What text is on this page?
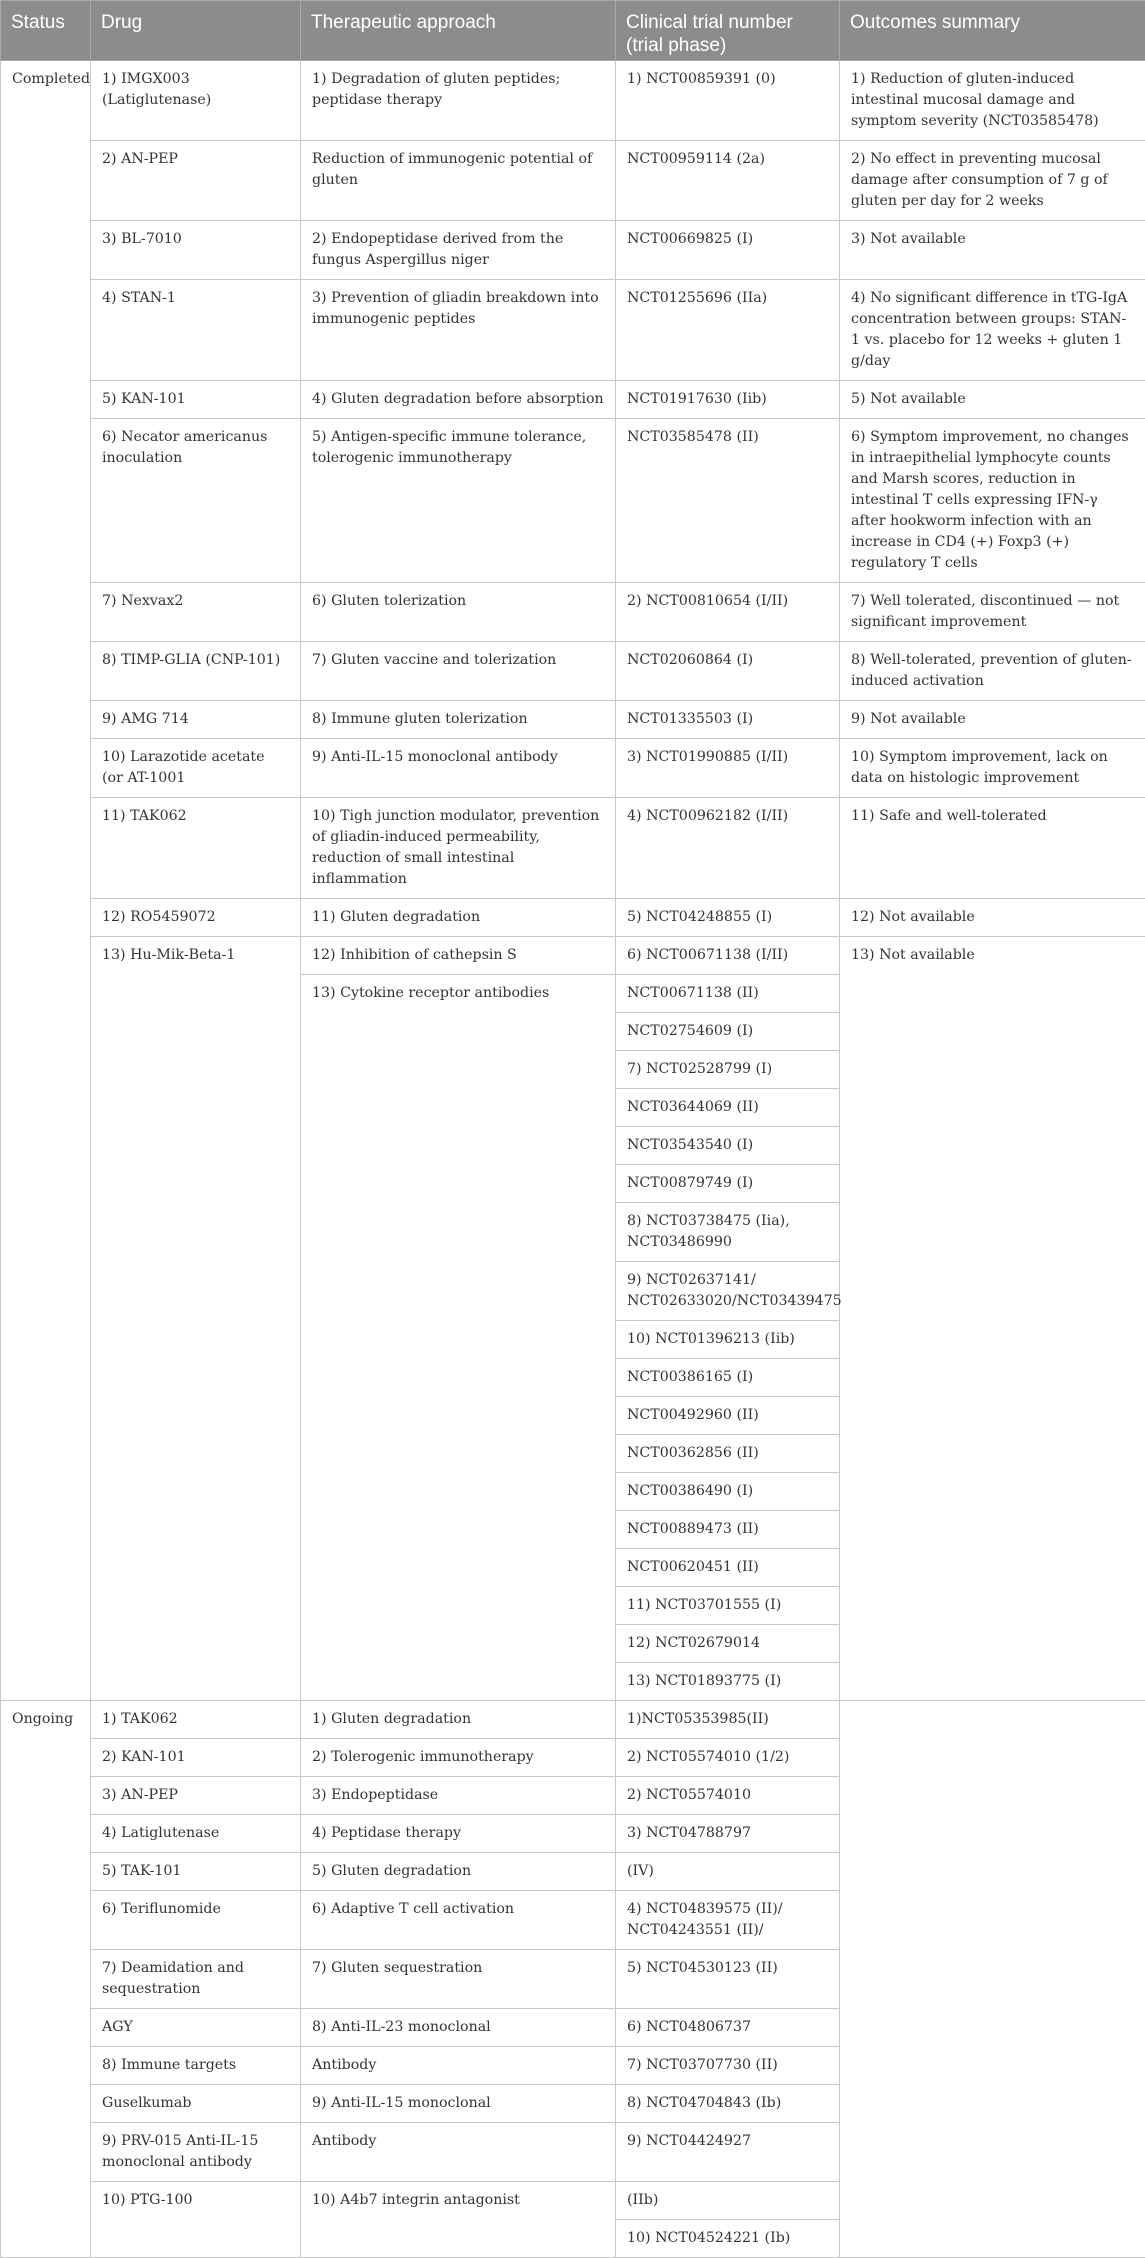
Status	Drug	Therapeutic approach	Clinical trial number (trial phase)	Outcomes summary
Completed	1) IMGX003 (Latiglutenase)	1) Degradation of gluten peptides; peptidase therapy	1) NCT00859391 (0)	1) Reduction of gluten-induced intestinal mucosal damage and symptom severity (NCT03585478)
	2) AN-PEP	Reduction of immunogenic potential of gluten	NCT00959114 (2a)	2) No effect in preventing mucosal damage after consumption of 7 g of gluten per day for 2 weeks
	3) BL-7010	2) Endopeptidase derived from the fungus Aspergillus niger	NCT00669825 (I)	3) Not available
	4) STAN-1	3) Prevention of gliadin breakdown into immunogenic peptides	NCT01255696 (IIa)	4) No significant difference in tTG-IgA concentration between groups: STAN-1 vs. placebo for 12 weeks + gluten 1 g/day
	5) KAN-101	4) Gluten degradation before absorption	NCT01917630 (Iib)	5) Not available
	6) Necator americanus inoculation	5) Antigen-specific immune tolerance, tolerogenic immunotherapy	NCT03585478 (II)	6) Symptom improvement, no changes in intraepithelial lymphocyte counts and Marsh scores, reduction in intestinal T cells expressing IFN-γ after hookworm infection with an increase in CD4 (+) Foxp3 (+) regulatory T cells
	7) Nexvax2	6) Gluten tolerization	2) NCT00810654 (I/II)	7) Well tolerated, discontinued — not significant improvement
	8) TIMP-GLIA (CNP-101)	7) Gluten vaccine and tolerization	NCT02060864 (I)	8) Well-tolerated, prevention of gluten-induced activation
	9) AMG 714	8) Immune gluten tolerization	NCT01335503 (I)	9) Not available
	10) Larazotide acetate (or AT-1001	9) Anti-IL-15 monoclonal antibody	3) NCT01990885 (I/II)	10) Symptom improvement, lack on data on histologic improvement
	11) TAK062	10) Tigh junction modulator, prevention of gliadin-induced permeability, reduction of small intestinal inflammation	4) NCT00962182 (I/II)	11) Safe and well-tolerated
	12) RO5459072	11) Gluten degradation	5) NCT04248855 (I)	12) Not available
	13) Hu-Mik-Beta-1	12) Inhibition of cathepsin S	6) NCT00671138 (I/II)	13) Not available
		13) Cytokine receptor antibodies	NCT00671138 (II)	
			NCT02754609 (I)	
			7) NCT02528799 (I)	
			NCT03644069 (II)	
			NCT03543540 (I)	
			NCT00879749 (I)	
			8) NCT03738475 (Iia), NCT03486990	
			9) NCT02637141/ NCT02633020/NCT03439475	
			10) NCT01396213 (Iib)	
			NCT00386165 (I)	
			NCT00492960 (II)	
			NCT00362856 (II)	
			NCT00386490 (I)	
			NCT00889473 (II)	
			NCT00620451 (II)	
			11) NCT03701555 (I)	
			12) NCT02679014	
			13) NCT01893775 (I)	
Ongoing	1) TAK062	1) Gluten degradation	1)NCT05353985(II)	
	2) KAN-101	2) Tolerogenic immunotherapy	2) NCT05574010 (1/2)	
	3) AN-PEP	3) Endopeptidase	2) NCT05574010	
	4) Latiglutenase	4) Peptidase therapy	3) NCT04788797	
	5) TAK-101	5) Gluten degradation	(IV)	
	6) Teriflunomide	6) Adaptive T cell activation	4) NCT04839575 (II)/ NCT04243551 (II)/	
	7) Deamidation and sequestration	7) Gluten sequestration	5) NCT04530123 (II)	
	AGY	8) Anti-IL-23 monoclonal	6) NCT04806737	
	8) Immune targets	Antibody	7) NCT03707730 (II)	
	Guselkumab	9) Anti-IL-15 monoclonal	8) NCT04704843 (Ib)	
	9) PRV-015 Anti-IL-15 monoclonal antibody	Antibody	9) NCT04424927	
	10) PTG-100	10) A4b7 integrin antagonist	(IIb)	
			10) NCT04524221 (Ib)	
